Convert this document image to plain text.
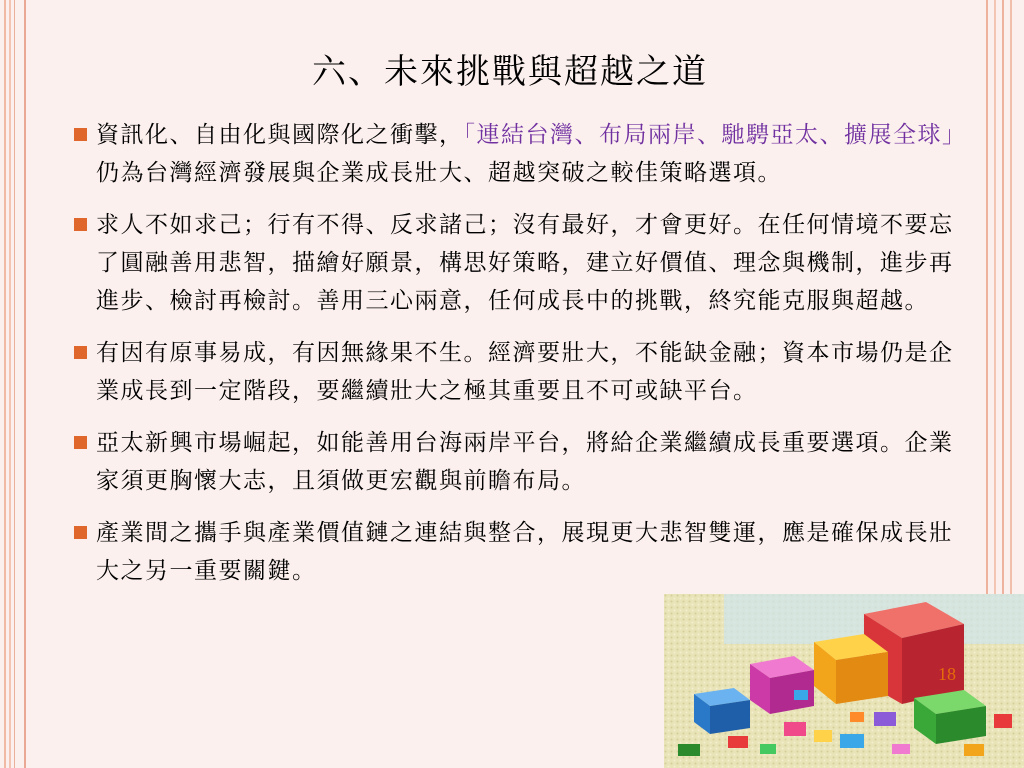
六、未來挑戰與超越之道
資訊化、自由化與國際化之衝擊，「連結台灣、布局兩岸、馳騁亞太、擴展全球」仍為台灣經濟發展與企業成長壯大、超越突破之較佳策略選項。
求人不如求己；行有不得、反求諸己；沒有最好，才會更好。在任何情境不要忘了圓融善用悲智，描繪好願景，構思好策略，建立好價值、理念與機制，進步再進步、檢討再檢討。善用三心兩意，任何成長中的挑戰，終究能克服與超越。
有因有原事易成，有因無緣果不生。經濟要壯大，不能缺金融；資本市場仍是企業成長到一定階段，要繼續壯大之極其重要且不可或缺平台。
亞太新興市場崛起，如能善用台海兩岸平台，將給企業繼續成長重要選項。企業家須更胸懷大志，且須做更宏觀與前瞻布局。
產業間之攜手與產業價值鏈之連結與整合，展現更大悲智雙運，應是確保成長壯大之另一重要關鍵。
18
